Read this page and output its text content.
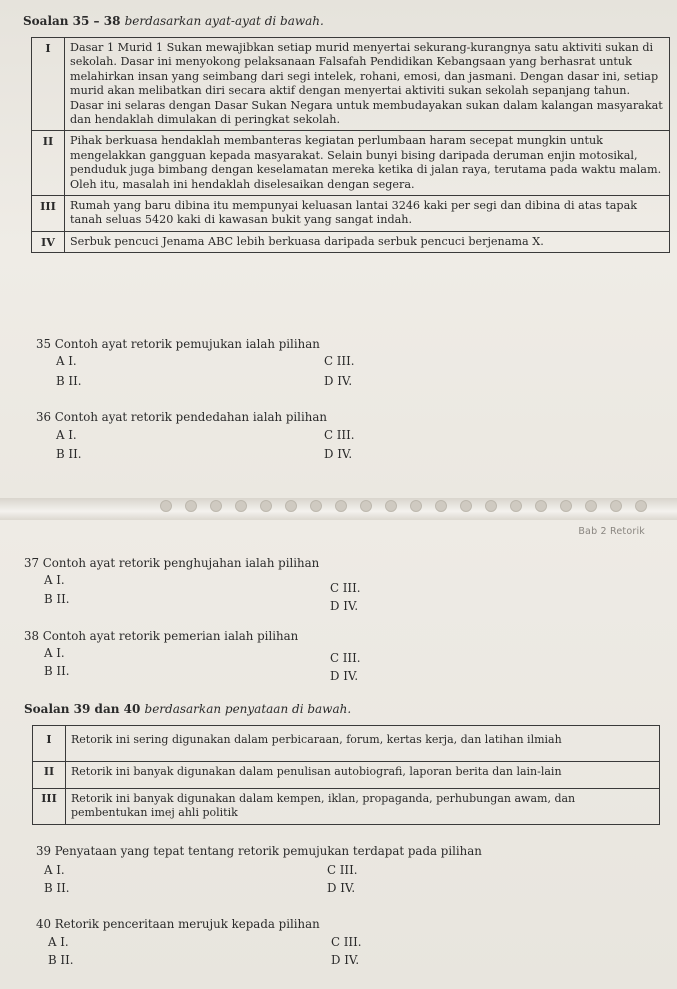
Soalan 35 – 38 berdasarkan ayat-ayat di bawah.
I	Dasar 1 Murid 1 Sukan mewajibkan setiap murid menyertai sekurang-kurangnya satu aktiviti sukan di sekolah. Dasar ini menyokong pelaksanaan Falsafah Pendidikan Kebangsaan yang berhasrat untuk melahirkan insan yang seimbang dari segi intelek, rohani, emosi, dan jasmani. Dengan dasar ini, setiap murid akan melibatkan diri secara aktif dengan menyertai aktiviti sukan sekolah sepanjang tahun. Dasar ini selaras dengan Dasar Sukan Negara untuk membudayakan sukan dalam kalangan masyarakat dan hendaklah dimulakan di peringkat sekolah.
II	Pihak berkuasa hendaklah membanteras kegiatan perlumbaan haram secepat mungkin untuk mengelakkan gangguan kepada masyarakat. Selain bunyi bising daripada deruman enjin motosikal, penduduk juga bimbang dengan keselamatan mereka ketika di jalan raya, terutama pada waktu malam. Oleh itu, masalah ini hendaklah diselesaikan dengan segera.
III	Rumah yang baru dibina itu mempunyai keluasan lantai 3246 kaki per segi dan dibina di atas tapak tanah seluas 5420 kaki di kawasan bukit yang sangat indah.
IV	Serbuk pencuci Jenama ABC lebih berkuasa daripada serbuk pencuci berjenama X.
35 Contoh ayat retorik pemujukan ialah pilihan
A I.	C III.
B II.	D IV.
36 Contoh ayat retorik pendedahan ialah pilihan
A I.	C III.
B II.	D IV.
Bab 2 Retorik
37 Contoh ayat retorik penghujahan ialah pilihan
A I.
C III.
B II.	D IV.
38 Contoh ayat retorik pemerian ialah pilihan
A I.	C III.
B II.	D IV.
Soalan 39 dan 40 berdasarkan penyataan di bawah.
I	Retorik ini sering digunakan dalam perbicaraan, forum, kertas kerja, dan latihan ilmiah
II	Retorik ini banyak digunakan dalam penulisan autobiografi, laporan berita dan lain-lain
III	Retorik ini banyak digunakan dalam kempen, iklan, propaganda, perhubungan awam, dan pembentukan imej ahli politik
39 Penyataan yang tepat tentang retorik pemujukan terdapat pada pilihan
A I.	C III.
B II.	D IV.
40 Retorik penceritaan merujuk kepada pilihan
A I.	C III.
B II.	D IV.
